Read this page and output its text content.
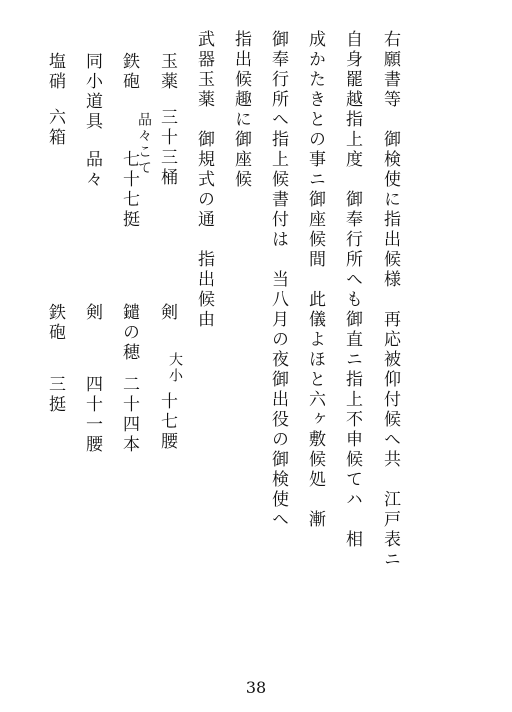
右願書等　御検使に指出候様　再応被仰付候へ共　江戸表ニ

自身罷越指上度　御奉行所へも御直ニ指上不申候てハ　相

成かたきとの事ニ御座候間　此儀よほと六ヶ敷候処　漸

御奉行所へ指上候書付は　当八月の夜御出役の御検使へ

指出候趣に御座候

武器玉薬　御規式の通　指出候由

玉薬

三十三桶

鉄砲

品々こて

七十七挺

同小道具

品々

塩硝

六箱

剣

大小

十七腰

鑓の穂

二十四本

剣

四十一腰

鉄砲

三挺

38
